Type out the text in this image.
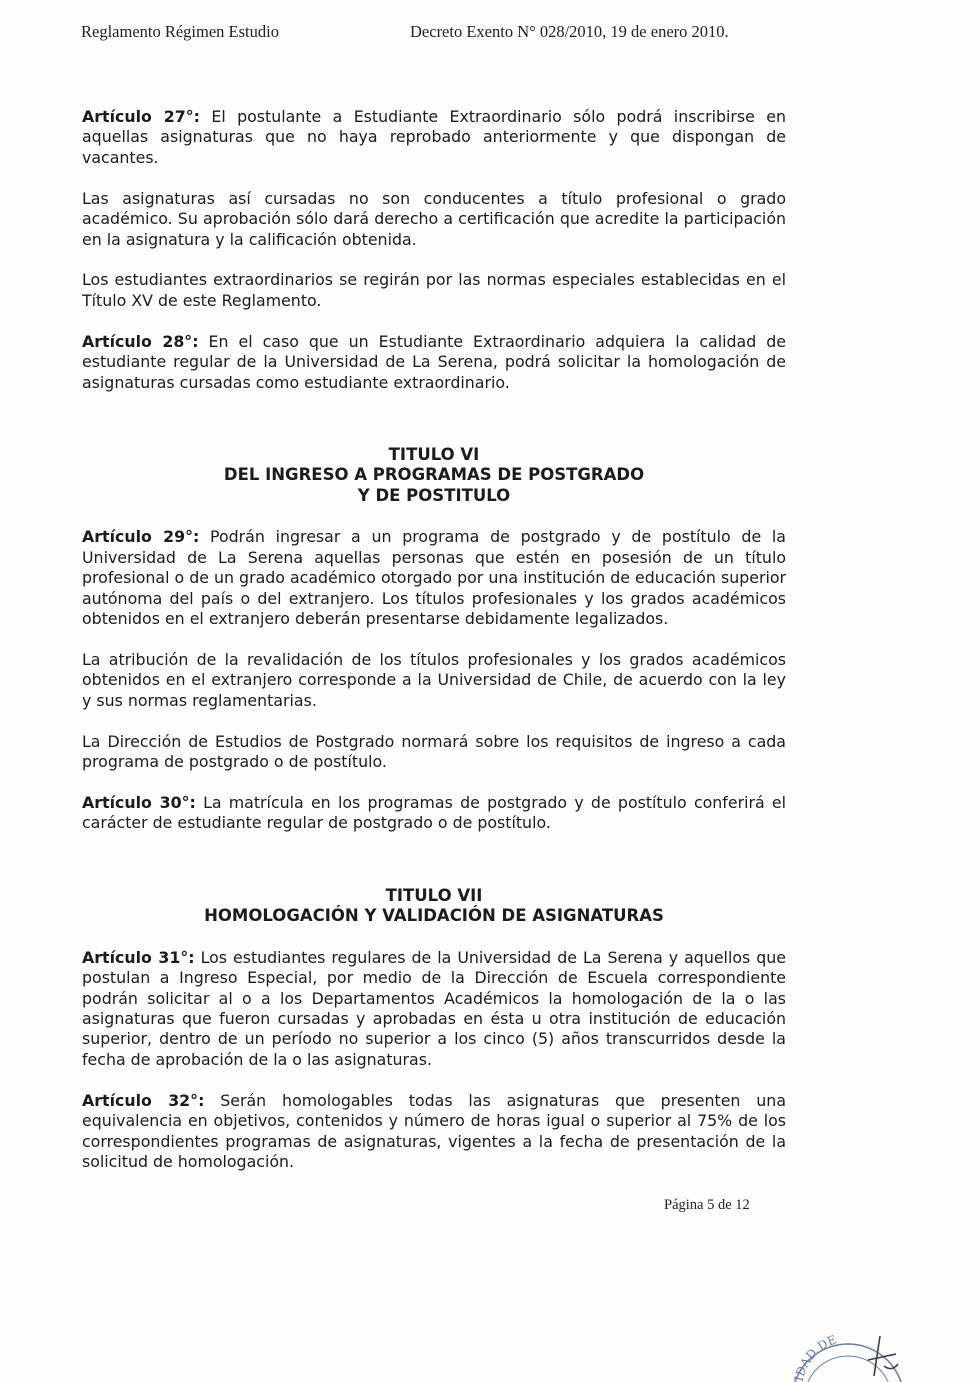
Reglamento Régimen Estudio	Decreto Exento N° 028/2010, 19 de enero 2010.

Artículo 27°: El postulante a Estudiante Extraordinario sólo podrá inscribirse en aquellas asignaturas que no haya reprobado anteriormente y que dispongan de vacantes.

Las asignaturas así cursadas no son conducentes a título profesional o grado académico. Su aprobación sólo dará derecho a certificación que acredite la participación en la asignatura y la calificación obtenida.

Los estudiantes extraordinarios se regirán por las normas especiales establecidas en el Título XV de este Reglamento.

Artículo 28°: En el caso que un Estudiante Extraordinario adquiera la calidad de estudiante regular de la Universidad de La Serena, podrá solicitar la homologación de asignaturas cursadas como estudiante extraordinario.

TITULO VI
DEL INGRESO A PROGRAMAS DE POSTGRADO
Y DE POSTITULO

Artículo 29°: Podrán ingresar a un programa de postgrado y de postítulo de la Universidad de La Serena aquellas personas que estén en posesión de un título profesional o de un grado académico otorgado por una institución de educación superior autónoma del país o del extranjero. Los títulos profesionales y los grados académicos obtenidos en el extranjero deberán presentarse debidamente legalizados.

La atribución de la revalidación de los títulos profesionales y los grados académicos obtenidos en el extranjero corresponde a la Universidad de Chile, de acuerdo con la ley y sus normas reglamentarias.

La Dirección de Estudios de Postgrado normará sobre los requisitos de ingreso a cada programa de postgrado o de postítulo.

Artículo 30°: La matrícula en los programas de postgrado y de postítulo conferirá el carácter de estudiante regular de postgrado o de postítulo.

TITULO VII
HOMOLOGACIÓN Y VALIDACIÓN DE ASIGNATURAS

Artículo 31°: Los estudiantes regulares de la Universidad de La Serena y aquellos que postulan a Ingreso Especial, por medio de la Dirección de Escuela correspondiente podrán solicitar al o a los Departamentos Académicos la homologación de la o las asignaturas que fueron cursadas y aprobadas en ésta u otra institución de educación superior, dentro de un período no superior a los cinco (5) años transcurridos desde la fecha de aprobación de la o las asignaturas.

Artículo 32°: Serán homologables todas las asignaturas que presenten una equivalencia en objetivos, contenidos y número de horas igual o superior al 75% de los correspondientes programas de asignaturas, vigentes a la fecha de presentación de la solicitud de homologación.

Página 5 de 12
IDAD DE
